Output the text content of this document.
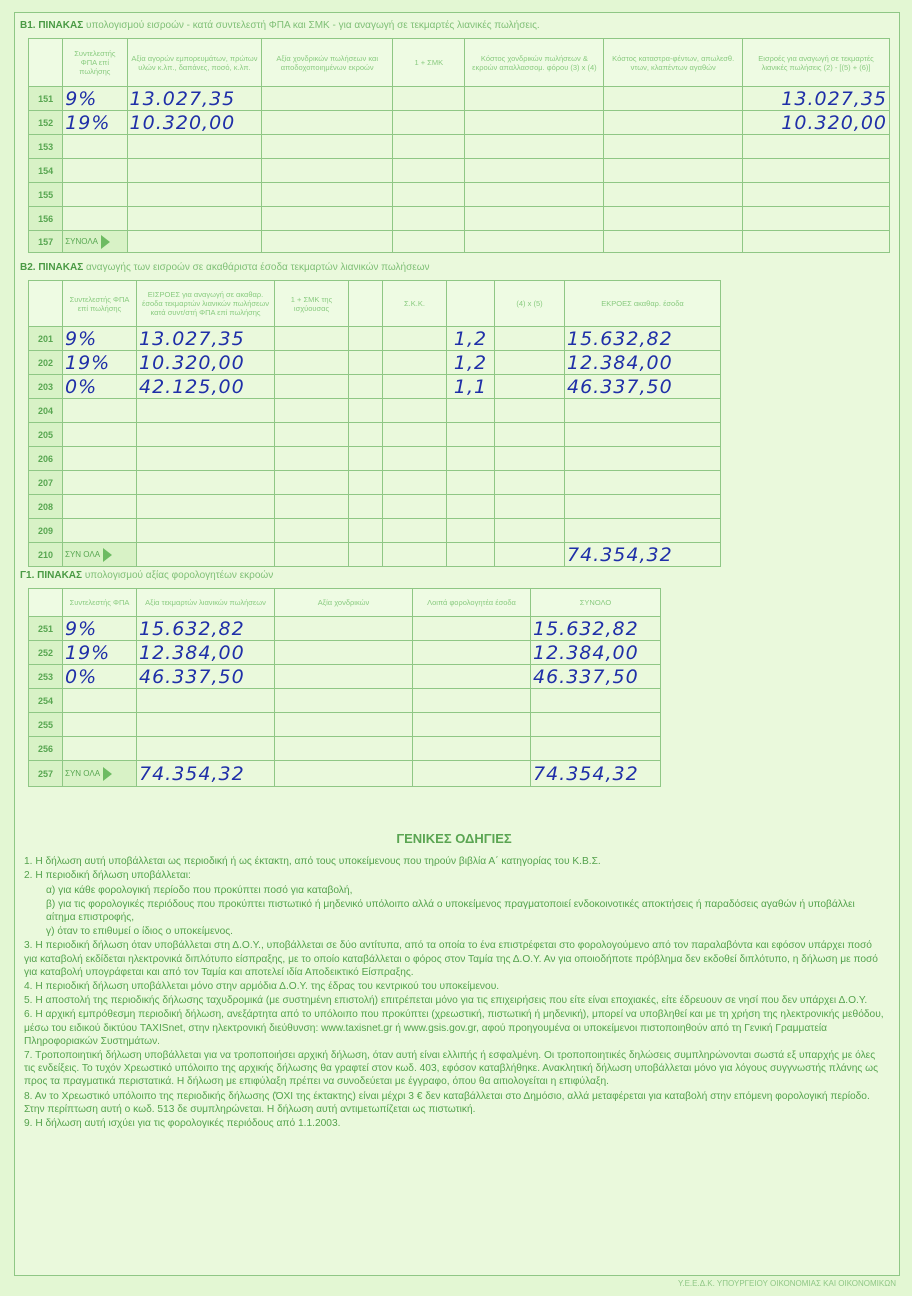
Β1. ΠΙΝΑΚΑΣ υπολογισμού εισροών - κατά συντελεστή ΦΠΑ και ΣΜΚ - για αναγωγή σε τεκμαρτές λιανικές πωλήσεις.
	Συντελεστής ΦΠΑ επί πωλήσης	Αξία αγορών εμπορευμάτων, πρώτων υλών κ.λπ., δαπάνες, ποσό, κ.λπ.	Αξία χονδρικών πωλήσεων και αποδοχοποιημένων εκροών	1 + ΣΜΚ	Κόστος χονδρικών πωλήσεων & εκροών απαλλασσομ. φόρου (3) x (4)	Κόστος καταστρα-φέντων, απωλεσθ. ντων, κλαπέντων αγαθών	Εισροές για αναγωγή σε τεκμαρτές λιανικές πωλήσεις (2) - [(5) + (6)]
151	9%	13.027,35					13.027,35
152	19%	10.320,00					10.320,00
153							
154							
155							
156							
157	ΣΥΝΟΛΑ						
Β2. ΠΙΝΑΚΑΣ αναγωγής των εισροών σε ακαθάριστα έσοδα τεκμαρτών λιανικών πωλήσεων
	Συντελεστής ΦΠΑ επί πωλήσης	ΕΙΣΡΟΕΣ για αναγωγή σε ακαθαρ. έσοδα τεκμαρτών λιανικών πωλήσεων κατά συντ/στή ΦΠΑ επί πωλήσης	1 + ΣΜΚ της ισχύουσας		Σ.Κ.Κ.		(4) x (5)	ΕΚΡΟΕΣ ακαθαρ. έσοδα
201	9%	13.027,35				1,2		15.632,82
202	19%	10.320,00				1,2		12.384,00
203	0%	42.125,00				1,1		46.337,50
204								
205								
206								
207								
208								
209								
210	ΣΥΝ ΟΛΑ							74.354,32
Γ1. ΠΙΝΑΚΑΣ υπολογισμού αξίας φορολογητέων εκροών
	Συντελεστής ΦΠΑ	Αξία τεκμαρτών λιανικών πωλήσεων	Αξία χονδρικών	Λοιπά φορολογητέα έσοδα	ΣΥΝΟΛΟ
251	9%	15.632,82			15.632,82
252	19%	12.384,00			12.384,00
253	0%	46.337,50			46.337,50
254					
255					
256					
257	ΣΥΝ ΟΛΑ	74.354,32			74.354,32
ΓΕΝΙΚΕΣ ΟΔΗΓΙΕΣ

1. Η δήλωση αυτή υποβάλλεται ως περιοδική ή ως έκτακτη, από τους υποκείμενους που τηρούν βιβλία Α΄ κατηγορίας του Κ.Β.Σ.

2. Η περιοδική δήλωση υποβάλλεται:

α) για κάθε φορολογική περίοδο που προκύπτει ποσό για καταβολή,

β) για τις φορολογικές περιόδους που προκύπτει πιστωτικό ή μηδενικό υπόλοιπο αλλά ο υποκείμενος πραγματοποιεί ενδοκοινοτικές αποκτήσεις ή παραδόσεις αγαθών ή υποβάλλει αίτημα επιστροφής,

γ) όταν το επιθυμεί ο ίδιος ο υποκείμενος.

3. Η περιοδική δήλωση όταν υποβάλλεται στη Δ.Ο.Υ., υποβάλλεται σε δύο αντίτυπα, από τα οποία το ένα επιστρέφεται στο φορολογούμενο από τον παραλαβόντα και εφόσον υπάρχει ποσό για καταβολή εκδίδεται ηλεκτρονικά διπλότυπο είσπραξης, με το οποίο καταβάλλεται ο φόρος στον Ταμία της Δ.Ο.Υ. Αν για οποιοδήποτε πρόβλημα δεν εκδοθεί διπλότυπο, η δήλωση με ποσό για καταβολή υπογράφεται και από τον Ταμία και αποτελεί ιδία Αποδεικτικό Είσπραξης.

4. Η περιοδική δήλωση υποβάλλεται μόνο στην αρμόδια Δ.Ο.Υ. της έδρας του κεντρικού του υποκείμενου.

5. Η αποστολή της περιοδικής δήλωσης ταχυδρομικά (με συστημένη επιστολή) επιτρέπεται μόνο για τις επιχειρήσεις που είτε είναι εποχιακές, είτε έδρευουν σε νησί που δεν υπάρχει Δ.Ο.Υ.

6. Η αρχική εμπρόθεσμη περιοδική δήλωση, ανεξάρτητα από το υπόλοιπο που προκύπτει (χρεωστική, πιστωτική ή μηδενική), μπορεί να υποβληθεί και με τη χρήση της ηλεκτρονικής μεθόδου, μέσω του ειδικού δικτύου TAXISnet, στην ηλεκτρονική διεύθυνση: www.taxisnet.gr ή www.gsis.gov.gr, αφού προηγουμένα οι υποκείμενοι πιστοποιηθούν από τη Γενική Γραμματεία Πληροφοριακών Συστημάτων.

7. Τροποποιητική δήλωση υποβάλλεται για να τροποποιήσει αρχική δήλωση, όταν αυτή είναι ελλιπής ή εσφαλμένη. Οι τροποποιητικές δηλώσεις συμπληρώνονται σωστά εξ υπαρχής με όλες τις ενδείξεις. Το τυχόν Χρεωστικό υπόλοιπο της αρχικής δήλωσης θα γραφτεί στον κωδ. 403, εφόσον καταβλήθηκε. Ανακλητική δήλωση υποβάλλεται μόνο για λόγους συγγνωστής πλάνης ως προς τα πραγματικά περιστατικά. Η δήλωση με επιφύλαξη πρέπει να συνοδεύεται με έγγραφο, όπου θα αιτιολογείται η επιφύλαξη.

8. Αν το Χρεωστικό υπόλοιπο της περιοδικής δήλωσης (ΌΧΙ της έκτακτης) είναι μέχρι 3 € δεν καταβάλλεται στο Δημόσιο, αλλά μεταφέρεται για καταβολή στην επόμενη φορολογική περίοδο. Στην περίπτωση αυτή ο κωδ. 513 δε συμπληρώνεται. Η δήλωση αυτή αντιμετωπίζεται ως πιστωτική.

9. Η δήλωση αυτή ισχύει για τις φορολογικές περιόδους από 1.1.2003.

Υ.Ε.Ε.Δ.Κ. ΥΠΟΥΡΓΕΙΟΥ ΟΙΚΟΝΟΜΙΑΣ ΚΑΙ ΟΙΚΟΝΟΜΙΚΩΝ
